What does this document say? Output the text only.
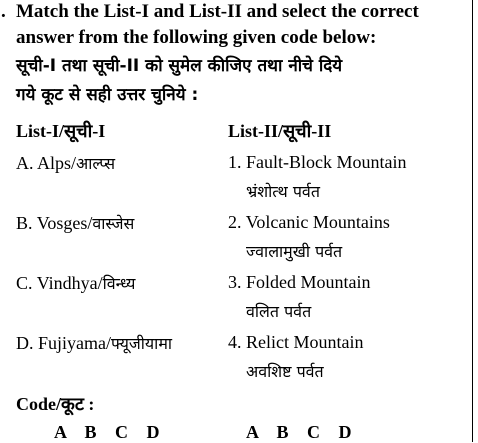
. Match the List-I and List-II and select the correct
answer from the following given code below:
सूची-I तथा सूची-II को सुमेल कीजिए तथा नीचे दिये
गये कूट से सही उत्तर चुनिये :
List-I/सूची-I	List-II/सूची-II
A. Alps/आल्प्स
B. Vosges/वास्जेस
C. Vindhya/विन्ध्य
D. Fujiyama/फ्यूजीयामा
1. Fault-Block Mountain
भ्रंशोत्थ पर्वत
2. Volcanic Mountains
ज्वालामुखी पर्वत
3. Folded Mountain
वलित पर्वत
4. Relict Mountain
अवशिष्ट पर्वत
Code/कूट :
A B C D	A B C D
